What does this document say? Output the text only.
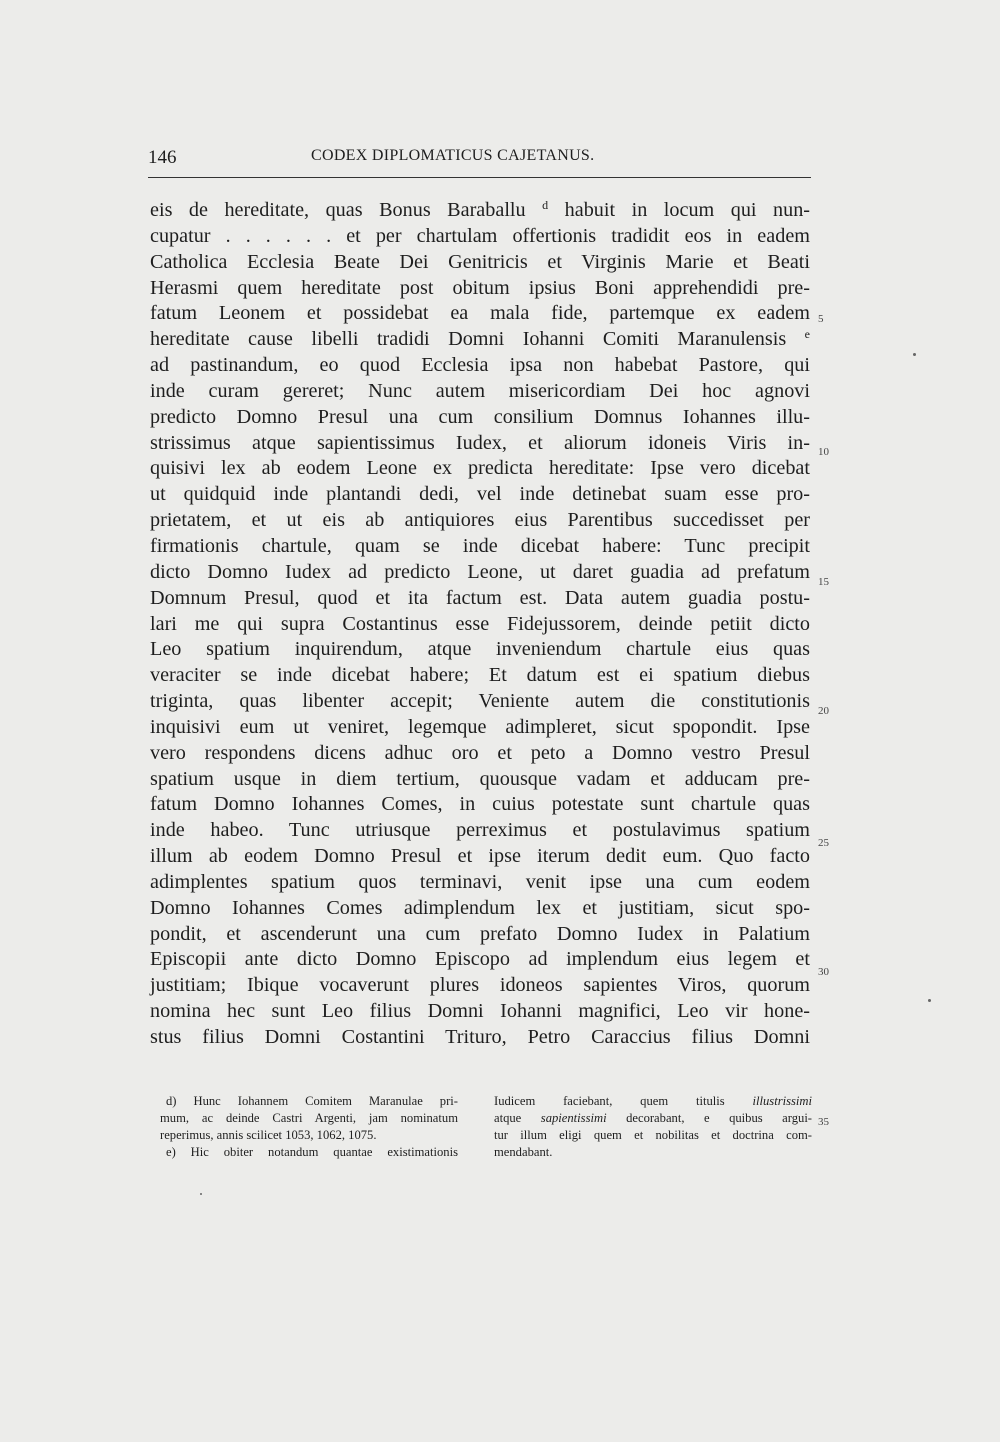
146	CODEX DIPLOMATICUS CAJETANUS.
eis de hereditate, quas Bonus Baraballu $^d$ habuit in locum qui nun-
cupatur . . . . . . et per chartulam offertionis tradidit eos in eadem
Catholica Ecclesia Beate Dei Genitricis et Virginis Marie et Beati
Herasmi quem hereditate post obitum ipsius Boni apprehendidi pre-
fatum Leonem et possidebat ea mala fide, partemque ex eadem
hereditate cause libelli tradidi Domni Iohanni Comiti Maranulensis $^e$
ad pastinandum, eo quod Ecclesia ipsa non habebat Pastore, qui
inde curam gereret; Nunc autem misericordiam Dei hoc agnovi
predicto Domno Presul una cum consilium Domnus Iohannes illu-
strissimus atque sapientissimus Iudex, et aliorum idoneis Viris in-
quisivi lex ab eodem Leone ex predicta hereditate: Ipse vero dicebat
ut quidquid inde plantandi dedi, vel inde detinebat suam esse pro-
prietatem, et ut eis ab antiquiores eius Parentibus succedisset per
firmationis chartule, quam se inde dicebat habere: Tunc precipit
dicto Domno Iudex ad predicto Leone, ut daret guadia ad prefatum
Domnum Presul, quod et ita factum est. Data autem guadia postu-
lari me qui supra Costantinus esse Fidejussorem, deinde petiit dicto
Leo spatium inquirendum, atque inveniendum chartule eius quas
veraciter se inde dicebat habere; Et datum est ei spatium diebus
triginta, quas libenter accepit; Veniente autem die constitutionis
inquisivi eum ut veniret, legemque adimpleret, sicut spopondit. Ipse
vero respondens dicens adhuc oro et peto a Domno vestro Presul
spatium usque in diem tertium, quousque vadam et adducam pre-
fatum Domno Iohannes Comes, in cuius potestate sunt chartule quas
inde habeo. Tunc utriusque perreximus et postulavimus spatium
illum ab eodem Domno Presul et ipse iterum dedit eum. Quo facto
adimplentes spatium quos terminavi, venit ipse una cum eodem
Domno Iohannes Comes adimplendum lex et justitiam, sicut spo-
pondit, et ascenderunt una cum prefato Domno Iudex in Palatium
Episcopii ante dicto Domno Episcopo ad implendum eius legem et
justitiam; Ibique vocaverunt plures idoneos sapientes Viros, quorum
nomina hec sunt Leo filius Domni Iohanni magnifici, Leo vir hone-
stus filius Domni Costantini Trituro, Petro Caraccius filius Domni
5
10
15
20
25
30
35
d) Hunc Iohannem Comitem Maranulae pri-
mum, ac deinde Castri Argenti, jam nominatum
reperimus, annis scilicet 1053, 1062, 1075.
e) Hic obiter notandum quantae existimationis
Iudicem faciebant, quem titulis illustrissimi
atque sapientissimi decorabant, e quibus argui-
tur illum eligi quem et nobilitas et doctrina com-
mendabant.
